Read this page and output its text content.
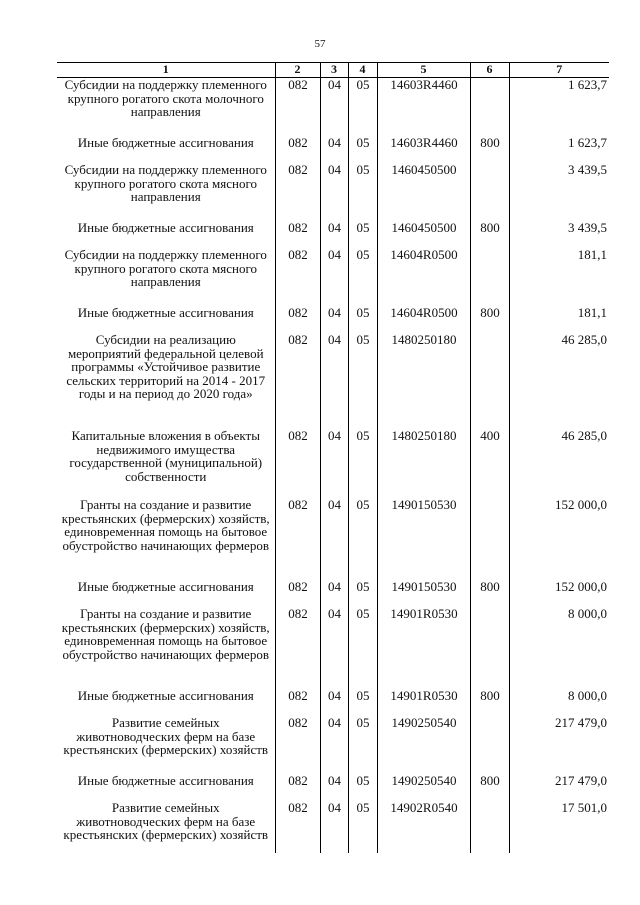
57
1	2	3	4	5	6	7
Субсидии на поддержку племенного крупного рогатого скота молочного направления	082	04	05	14603R4460		1 623,7
Иные бюджетные ассигнования	082	04	05	14603R4460	800	1 623,7
Субсидии на поддержку племенного крупного рогатого скота мясного направления	082	04	05	1460450500		3 439,5
Иные бюджетные ассигнования	082	04	05	1460450500	800	3 439,5
Субсидии на поддержку племенного крупного рогатого скота мясного направления	082	04	05	14604R0500		181,1
Иные бюджетные ассигнования	082	04	05	14604R0500	800	181,1
Субсидии на реализацию мероприятий федеральной целевой программы «Устойчивое развитие сельских территорий на 2014 - 2017 годы и на период до 2020 года»	082	04	05	1480250180		46 285,0
Капитальные вложения в объекты недвижимого имущества государственной (муниципальной) собственности	082	04	05	1480250180	400	46 285,0
Гранты на создание и развитие крестьянских (фермерских) хозяйств, единовременная помощь на бытовое обустройство начинающих фермеров	082	04	05	1490150530		152 000,0
Иные бюджетные ассигнования	082	04	05	1490150530	800	152 000,0
Гранты на создание и развитие крестьянских (фермерских) хозяйств, единовременная помощь на бытовое обустройство начинающих фермеров	082	04	05	14901R0530		8 000,0
Иные бюджетные ассигнования	082	04	05	14901R0530	800	8 000,0
Развитие семейных животноводческих ферм на базе крестьянских (фермерских) хозяйств	082	04	05	1490250540		217 479,0
Иные бюджетные ассигнования	082	04	05	1490250540	800	217 479,0
Развитие семейных животноводческих ферм на базе крестьянских (фермерских) хозяйств	082	04	05	14902R0540		17 501,0
